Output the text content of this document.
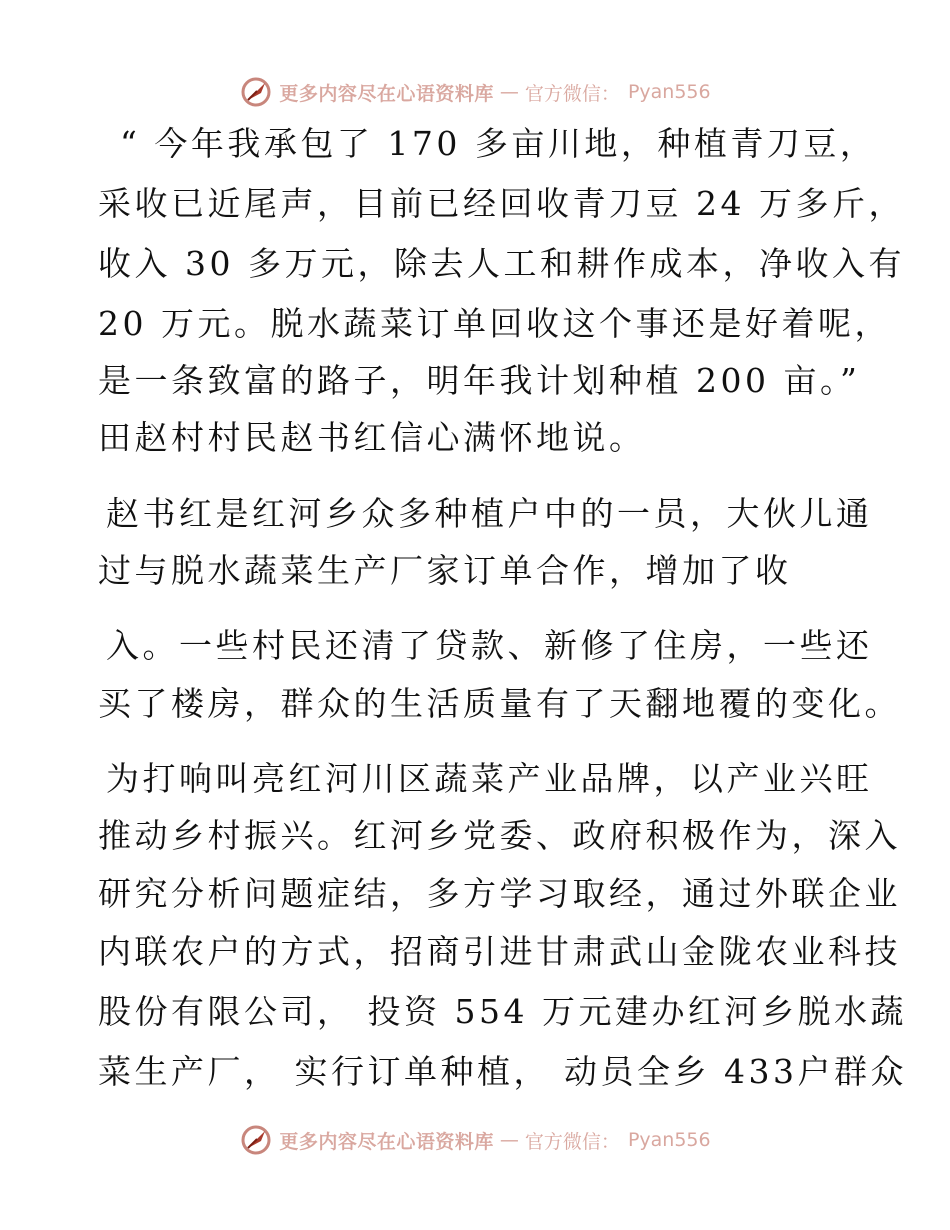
更多内容尽在心语资料库 — 官方微信： Pyan556
“ 今年我承包了 170 多亩川地，种植青刀豆，
采收已近尾声，目前已经回收青刀豆 24 万多斤，
收入 30 多万元，除去人工和耕作成本，净收入有
20 万元。脱水蔬菜订单回收这个事还是好着呢，
是一条致富的路子，明年我计划种植 200 亩。”
田赵村村民赵书红信心满怀地说。
赵书红是红河乡众多种植户中的一员，大伙儿通
过与脱水蔬菜生产厂家订单合作，增加了收
入。一些村民还清了贷款、新修了住房，一些还
买了楼房，群众的生活质量有了天翻地覆的变化。
为打响叫亮红河川区蔬菜产业品牌，以产业兴旺
推动乡村振兴。红河乡党委、政府积极作为，深入
研究分析问题症结，多方学习取经，通过外联企业
内联农户的方式，招商引进甘肃武山金陇农业科技
股份有限公司， 投资 554 万元建办红河乡脱水蔬
菜生产厂， 实行订单种植， 动员全乡 433户群众
更多内容尽在心语资料库 — 官方微信： Pyan556
